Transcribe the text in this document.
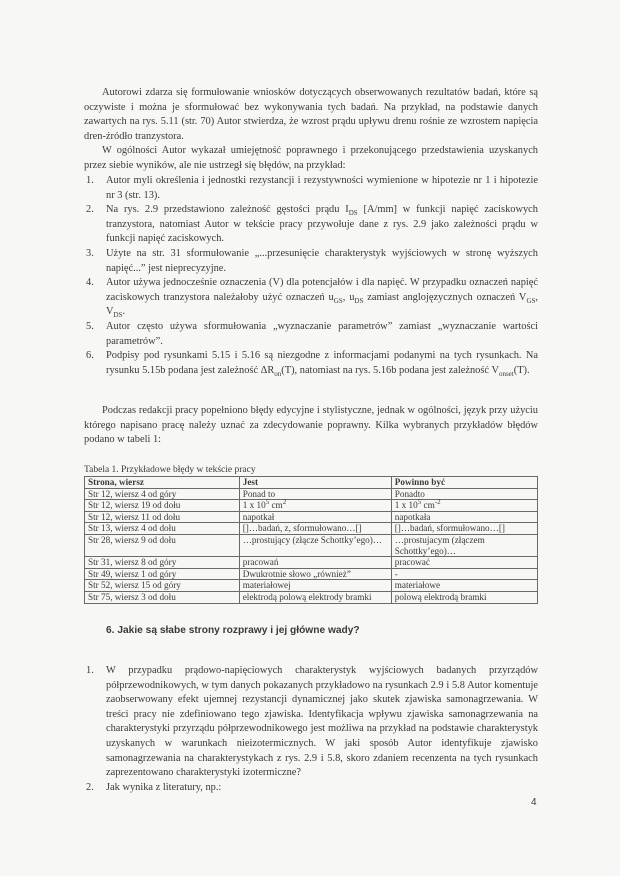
Autorowi zdarza się formułowanie wniosków dotyczących obserwowanych rezultatów badań, które są oczywiste i można je sformułować bez wykonywania tych badań. Na przykład, na podstawie danych zawartych na rys. 5.11 (str. 70) Autor stwierdza, że wzrost prądu upływu drenu rośnie ze wzrostem napięcia dren-źródło tranzystora.

W ogólności Autor wykazał umiejętność poprawnego i przekonującego przedstawienia uzyskanych przez siebie wyników, ale nie ustrzegł się błędów, na przykład:

1. Autor myli określenia i jednostki rezystancji i rezystywności wymienione w hipotezie nr 1 i hipotezie nr 3 (str. 13).
2. Na rys. 2.9 przedstawiono zależność gęstości prądu $I_{DS}$ [A/mm] w funkcji napięć zaciskowych tranzystora, natomiast Autor w tekście pracy przywołuje dane z rys. 2.9 jako zależności prądu w funkcji napięć zaciskowych.
3. Użyte na str. 31 sformułowanie „...przesunięcie charakterystyk wyjściowych w stronę wyższych napięć...” jest nieprecyzyjne.
4. Autor używa jednocześnie oznaczenia (V) dla potencjałów i dla napięć. W przypadku oznaczeń napięć zaciskowych tranzystora należałoby użyć oznaczeń $u_{GS}$, $u_{DS}$ zamiast anglojęzycznych oznaczeń $V_{GS}$, $V_{DS}$.
5. Autor często używa sformułowania „wyznaczanie parametrów” zamiast „wyznaczanie wartości parametrów”.
6. Podpisy pod rysunkami 5.15 i 5.16 są niezgodne z informacjami podanymi na tych rysunkach. Na rysunku 5.15b podana jest zależność $\Delta R_{on}(T)$, natomiast na rys. 5.16b podana jest zależność $V_{onset}(T)$.

Podczas redakcji pracy popełniono błędy edycyjne i stylistyczne, jednak w ogólności, język przy użyciu którego napisano pracę należy uznać za zdecydowanie poprawny. Kilka wybranych przykładów błędów podano w tabeli 1:

Tabela 1. Przykładowe błędy w tekście pracy
Strona, wiersz	Jest	Powinno być
Str 12, wiersz 4 od góry	Ponad to	Ponadto
Str 12, wiersz 19 od dołu	1 x $10^5$ $cm^2$	1 x $10^5$ $cm^{-2}$
Str 12, wiersz 11 od dołu	napotkał	napotkała
Str 13, wiersz 4 od dołu	[]…badań, z, sformułowano…[]	[]…badań, sformułowano…[]
Str 28, wiersz 9 od dołu	…prostujący (złącze Schottky’ego)…	…prostujacym (złączem Schottky’ego)…
Str 31, wiersz 8 od góry	pracowań	pracować
Str 49, wiersz 1 od góry	Dwukrotnie słowo „również”	-
Str 52, wiersz 15 od góry	materiałowej	materiałowe
Str 75, wiersz 3 od dołu	elektrodą polową elektrody bramki	polową elektrodą bramki
6. Jakie są słabe strony rozprawy i jej główne wady?
1. W przypadku prądowo-napięciowych charakterystyk wyjściowych badanych przyrządów półprzewodnikowych, w tym danych pokazanych przykładowo na rysunkach 2.9 i 5.8 Autor komentuje zaobserwowany efekt ujemnej rezystancji dynamicznej jako skutek zjawiska samonagrzewania. W treści pracy nie zdefiniowano tego zjawiska. Identyfikacja wpływu zjawiska samonagrzewania na charakterystyki przyrządu półprzewodnikowego jest możliwa na przykład na podstawie charakterystyk uzyskanych w warunkach nieizotermicznych. W jaki sposób Autor identyfikuje zjawisko samonagrzewania na charakterystykach z rys. 2.9 i 5.8, skoro zdaniem recenzenta na tych rysunkach zaprezentowano charakterystyki izotermiczne?
2. Jak wynika z literatury, np.:
4
